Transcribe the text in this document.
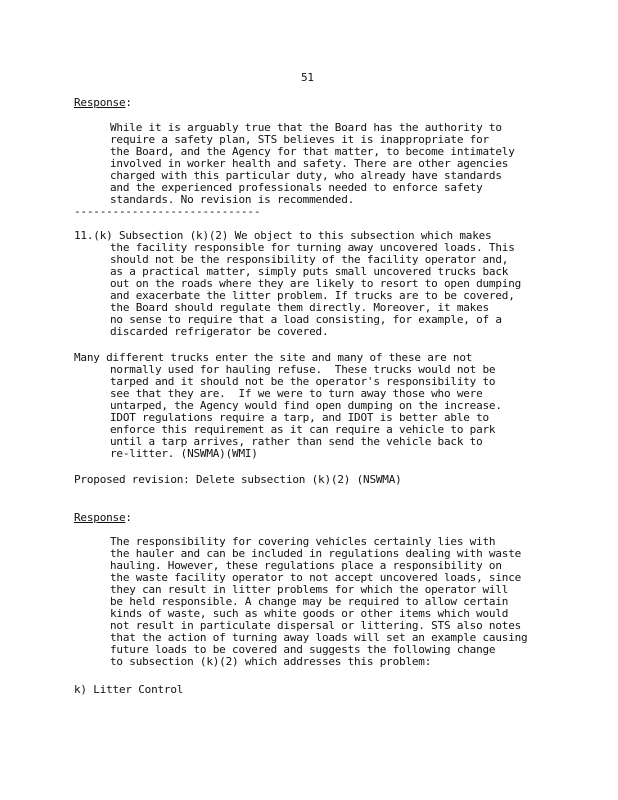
51

Response:

While it is arguably true that the Board has the authority to

require a safety plan, STS believes it is inappropriate for

the Board, and the Agency for that matter, to become intimately

involved in worker health and safety. There are other agencies

charged with this particular duty, who already have standards

and the experienced professionals needed to enforce safety

standards. No revision is recommended.

-----------------------------

11.(k) Subsection (k)(2) We object to this subsection which makes

the facility responsible for turning away uncovered loads. This

should not be the responsibility of the facility operator and,

as a practical matter, simply puts small uncovered trucks back

out on the roads where they are likely to resort to open dumping

and exacerbate the litter problem. If trucks are to be covered,

the Board should regulate them directly. Moreover, it makes

no sense to require that a load consisting, for example, of a

discarded refrigerator be covered.

Many different trucks enter the site and many of these are not

normally used for hauling refuse.  These trucks would not be

tarped and it should not be the operator's responsibility to

see that they are.  If we were to turn away those who were

untarped, the Agency would find open dumping on the increase.

IDOT regulations require a tarp, and IDOT is better able to

enforce this requirement as it can require a vehicle to park

until a tarp arrives, rather than send the vehicle back to

re-litter. (NSWMA)(WMI)

Proposed revision: Delete subsection (k)(2) (NSWMA)

Response:

The responsibility for covering vehicles certainly lies with

the hauler and can be included in regulations dealing with waste

hauling. However, these regulations place a responsibility on

the waste facility operator to not accept uncovered loads, since

they can result in litter problems for which the operator will

be held responsible. A change may be required to allow certain

kinds of waste, such as white goods or other items which would

not result in particulate dispersal or littering. STS also notes

that the action of turning away loads will set an example causing

future loads to be covered and suggests the following change

to subsection (k)(2) which addresses this problem:

k) Litter Control
